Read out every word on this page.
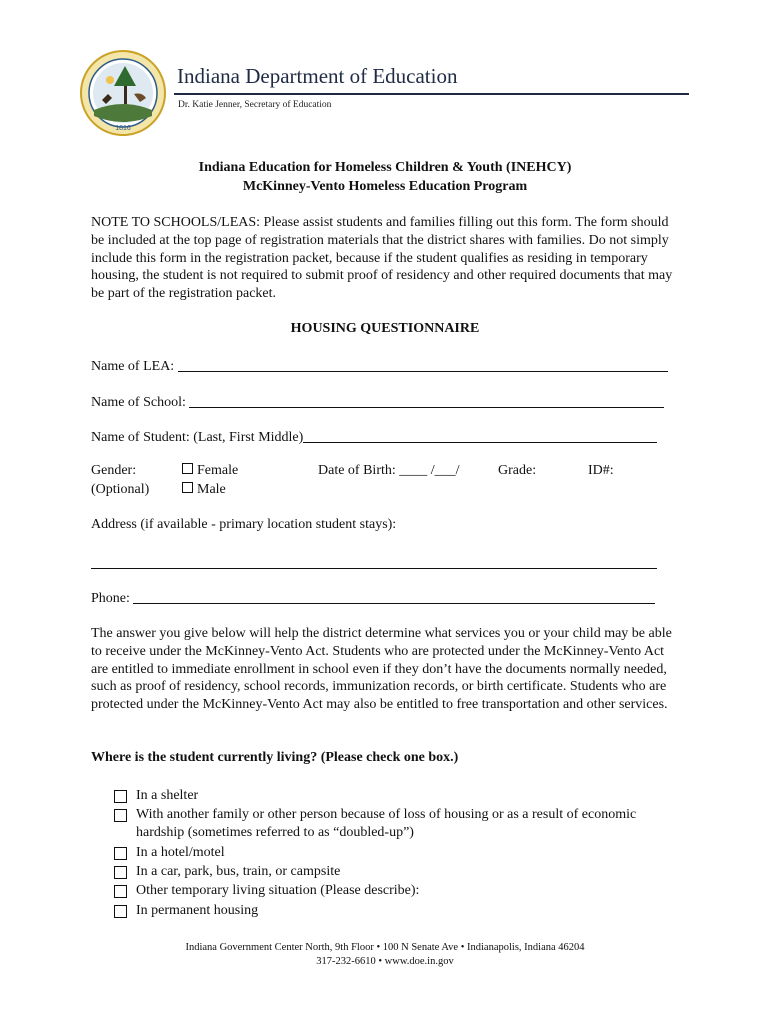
1816
Indiana Department of Education
Dr. Katie Jenner, Secretary of Education
Indiana Education for Homeless Children & Youth (INEHCY)
McKinney-Vento Homeless Education Program
NOTE TO SCHOOLS/LEAS: Please assist students and families filling out this form. The form should be included at the top page of registration materials that the district shares with families. Do not simply include this form in the registration packet, because if the student qualifies as residing in temporary housing, the student is not required to submit proof of residency and other required documents that may be part of the registration packet.
HOUSING QUESTIONNAIRE
Name of LEA:
Name of School:
Name of Student: (Last, First Middle)
Gender:
(Optional)
Female
Male
Date of Birth: ____ /___/	Grade:	ID#:
Address (if available - primary location student stays):
Phone:
The answer you give below will help the district determine what services you or your child may be able to receive under the McKinney-Vento Act. Students who are protected under the McKinney-Vento Act are entitled to immediate enrollment in school even if they don’t have the documents normally needed, such as proof of residency, school records, immunization records, or birth certificate. Students who are protected under the McKinney-Vento Act may also be entitled to free transportation and other services.
Where is the student currently living? (Please check one box.)
In a shelter
With another family or other person because of loss of housing or as a result of economic hardship (sometimes referred to as “doubled-up”)
In a hotel/motel
In a car, park, bus, train, or campsite
Other temporary living situation (Please describe):
In permanent housing
Indiana Government Center North, 9th Floor • 100 N Senate Ave • Indianapolis, Indiana 46204
317-232-6610 • www.doe.in.gov
